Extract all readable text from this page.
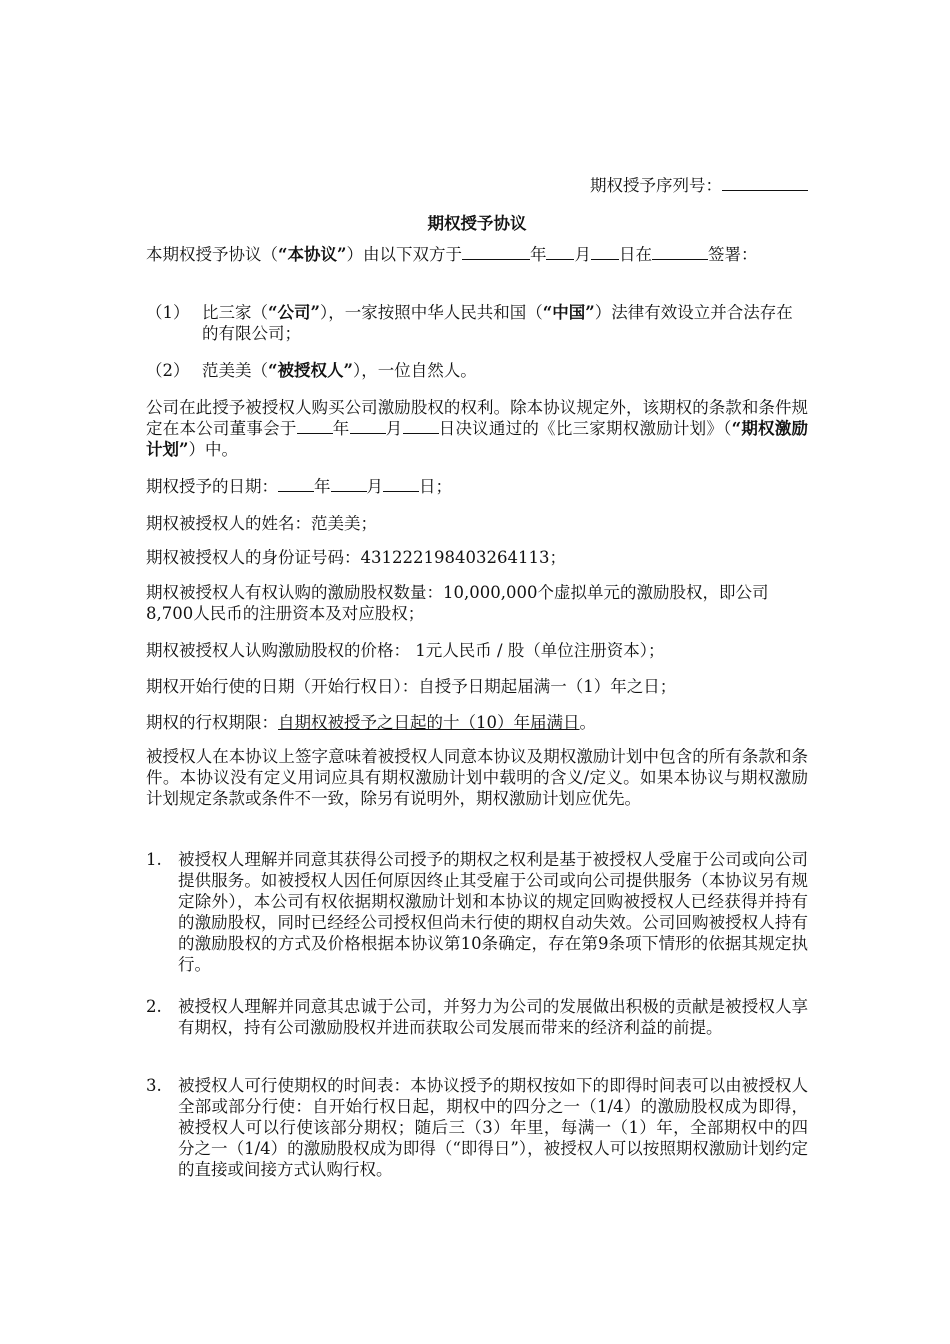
期权授予序列号：
期权授予协议
本期权授予协议（“本协议”）由以下双方于	年 月 日在	签署：
（1） 比三家（“公司”），一家按照中华人民共和国（“中国”）法律有效设立并合法存在的有限公司；
（2） 范美美（“被授权人”），一位自然人。
公司在此授予被授权人购买公司激励股权的权利。除本协议规定外，该期权的条款和条件规定在本公司董事会于 年 月 日决议通过的《比三家期权激励计划》（“期权激励计划”）中。
期权授予的日期： 年 月 日；
期权被授权人的姓名：范美美；
期权被授权人的身份证号码：431222198403264113；
期权被授权人有权认购的激励股权数量：10,000,000个虚拟单元的激励股权，即公司8,700人民币的注册资本及对应股权；
期权被授权人认购激励股权的价格： 1元人民币 / 股（单位注册资本）；
期权开始行使的日期（开始行权日）：自授予日期起届满一（1）年之日；
期权的行权期限：自期权被授予之日起的十（10）年届满日。
被授权人在本协议上签字意味着被授权人同意本协议及期权激励计划中包含的所有条款和条件。本协议没有定义用词应具有期权激励计划中载明的含义/定义。如果本协议与期权激励计划规定条款或条件不一致，除另有说明外，期权激励计划应优先。
1. 被授权人理解并同意其获得公司授予的期权之权利是基于被授权人受雇于公司或向公司提供服务。如被授权人因任何原因终止其受雇于公司或向公司提供服务（本协议另有规定除外），本公司有权依据期权激励计划和本协议的规定回购被授权人已经获得并持有的激励股权，同时已经经公司授权但尚未行使的期权自动失效。公司回购被授权人持有的激励股权的方式及价格根据本协议第10条确定，存在第9条项下情形的依据其规定执行。
2. 被授权人理解并同意其忠诚于公司，并努力为公司的发展做出积极的贡献是被授权人享有期权，持有公司激励股权并进而获取公司发展而带来的经济利益的前提。
3. 被授权人可行使期权的时间表：本协议授予的期权按如下的即得时间表可以由被授权人全部或部分行使：自开始行权日起，期权中的四分之一（1/4）的激励股权成为即得，被授权人可以行使该部分期权；随后三（3）年里，每满一（1）年，全部期权中的四分之一（1/4）的激励股权成为即得（“即得日”），被授权人可以按照期权激励计划约定的直接或间接方式认购行权。
